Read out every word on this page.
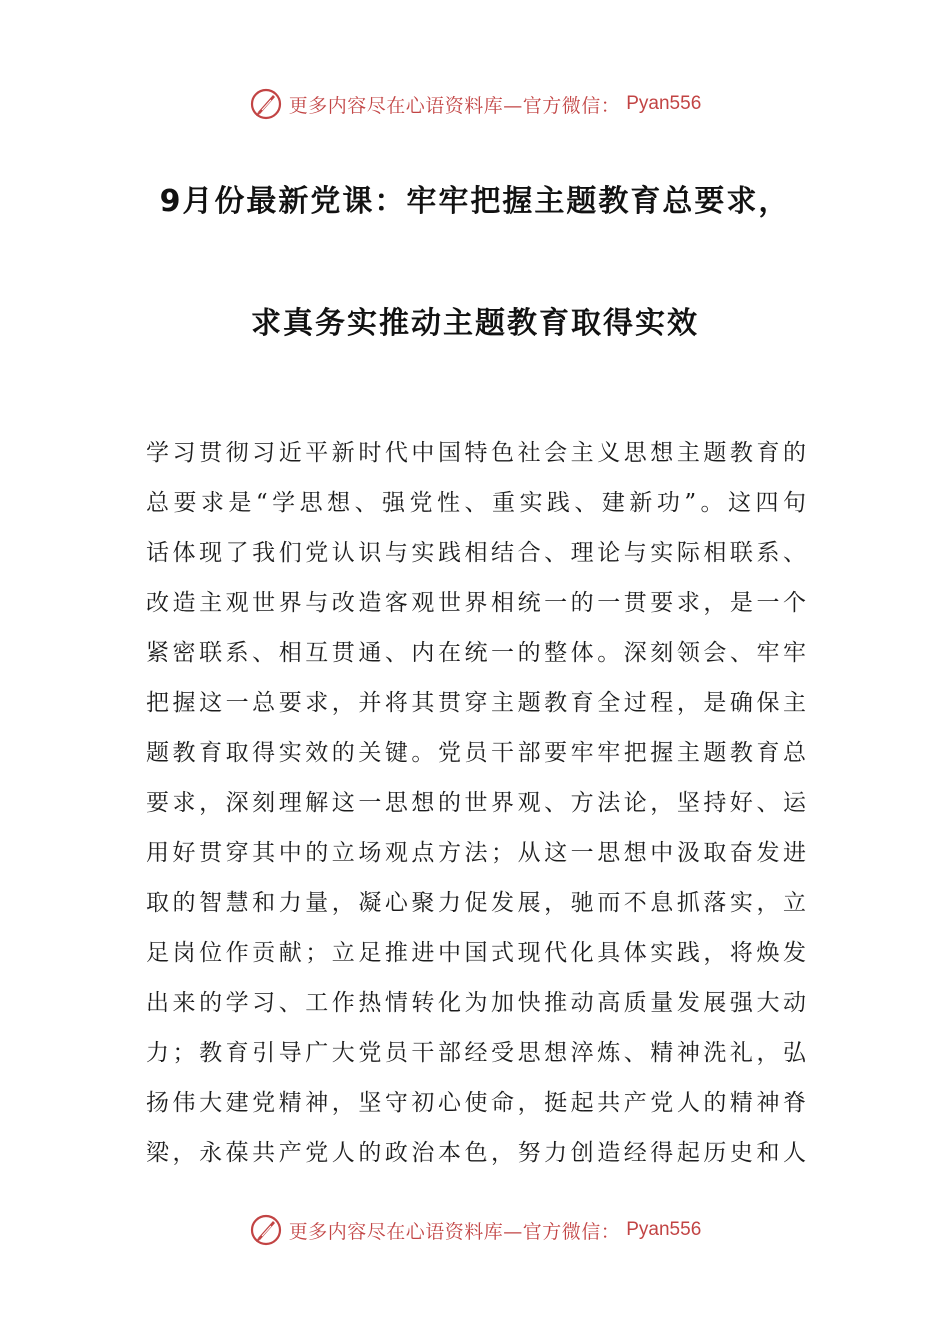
更多内容尽在心语资料库—官方微信： Pyan556
9月份最新党课：牢牢把握主题教育总要求，
求真务实推动主题教育取得实效
学习贯彻习近平新时代中国特色社会主义思想主题教育的
总要求是“学思想、强党性、重实践、建新功”。这四句
话体现了我们党认识与实践相结合、理论与实际相联系、
改造主观世界与改造客观世界相统一的一贯要求，是一个
紧密联系、相互贯通、内在统一的整体。深刻领会、牢牢
把握这一总要求，并将其贯穿主题教育全过程，是确保主
题教育取得实效的关键。党员干部要牢牢把握主题教育总
要求，深刻理解这一思想的世界观、方法论，坚持好、运
用好贯穿其中的立场观点方法；从这一思想中汲取奋发进
取的智慧和力量，凝心聚力促发展，驰而不息抓落实，立
足岗位作贡献；立足推进中国式现代化具体实践，将焕发
出来的学习、工作热情转化为加快推动高质量发展强大动
力；教育引导广大党员干部经受思想淬炼、精神洗礼，弘
扬伟大建党精神，坚守初心使命，挺起共产党人的精神脊
梁，永葆共产党人的政治本色，努力创造经得起历史和人
更多内容尽在心语资料库—官方微信： Pyan556
